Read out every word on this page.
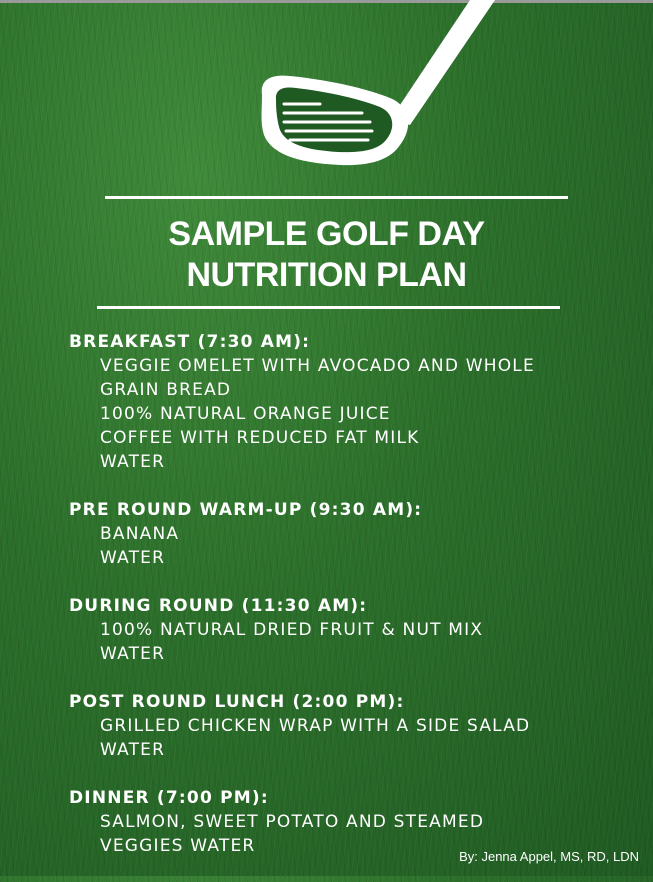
SAMPLE GOLF DAY
NUTRITION PLAN
BREAKFAST (7:30 AM):
VEGGIE OMELET WITH AVOCADO AND WHOLE
GRAIN BREAD
100% NATURAL ORANGE JUICE
COFFEE WITH REDUCED FAT MILK
WATER
PRE ROUND WARM-UP (9:30 AM):
BANANA
WATER
DURING ROUND (11:30 AM):
100% NATURAL DRIED FRUIT & NUT MIX
WATER
POST ROUND LUNCH (2:00 PM):
GRILLED CHICKEN WRAP WITH A SIDE SALAD
WATER
DINNER (7:00 PM):
SALMON, SWEET POTATO AND STEAMED
VEGGIES WATER
By: Jenna Appel, MS, RD, LDN
